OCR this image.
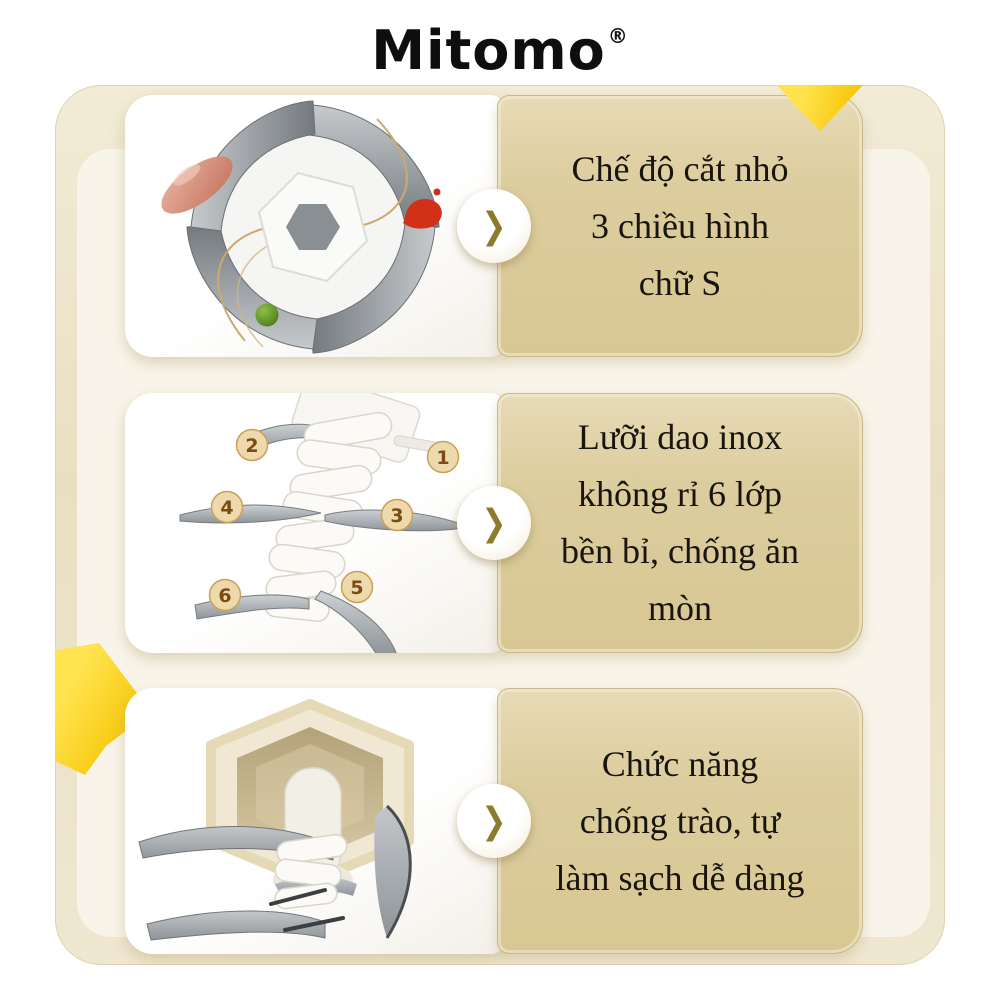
Mitomo ®
Chế độ cắt nhỏ
3 chiều hình
chữ S
❯
1
2
3
4
5
6
Lưỡi dao inox
không rỉ 6 lớp
bền bỉ, chống ăn
mòn
❯
Chức năng
chống trào, tự
làm sạch dễ dàng
❯
